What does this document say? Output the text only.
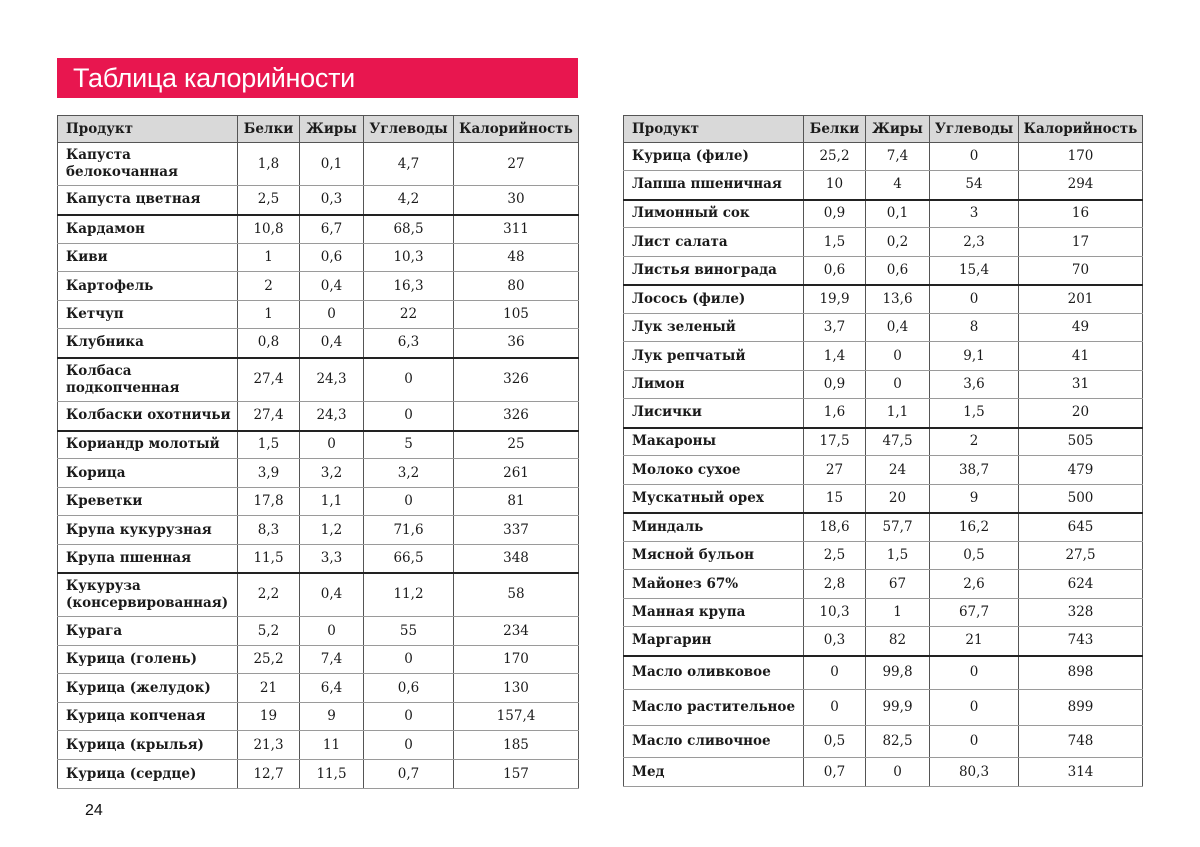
Таблица калорийности
Продукт	Белки	Жиры	Углеводы	Калорийность
Капуста белокочанная	1,8	0,1	4,7	27
Капуста цветная	2,5	0,3	4,2	30
Кардамон	10,8	6,7	68,5	311
Киви	1	0,6	10,3	48
Картофель	2	0,4	16,3	80
Кетчуп	1	0	22	105
Клубника	0,8	0,4	6,3	36
Колбаса подкопченная	27,4	24,3	0	326
Колбаски охотничьи	27,4	24,3	0	326
Кориандр молотый	1,5	0	5	25
Корица	3,9	3,2	3,2	261
Креветки	17,8	1,1	0	81
Крупа кукурузная	8,3	1,2	71,6	337
Крупа пшенная	11,5	3,3	66,5	348
Кукуруза (консервированная)	2,2	0,4	11,2	58
Курага	5,2	0	55	234
Курица (голень)	25,2	7,4	0	170
Курица (желудок)	21	6,4	0,6	130
Курица копченая	19	9	0	157,4
Курица (крылья)	21,3	11	0	185
Курица (сердце)	12,7	11,5	0,7	157
Продукт	Белки	Жиры	Углеводы	Калорийность
Курица (филе)	25,2	7,4	0	170
Лапша пшеничная	10	4	54	294
Лимонный сок	0,9	0,1	3	16
Лист салата	1,5	0,2	2,3	17
Листья винограда	0,6	0,6	15,4	70
Лосось (филе)	19,9	13,6	0	201
Лук зеленый	3,7	0,4	8	49
Лук репчатый	1,4	0	9,1	41
Лимон	0,9	0	3,6	31
Лисички	1,6	1,1	1,5	20
Макароны	17,5	47,5	2	505
Молоко сухое	27	24	38,7	479
Мускатный орех	15	20	9	500
Миндаль	18,6	57,7	16,2	645
Мясной бульон	2,5	1,5	0,5	27,5
Майонез 67%	2,8	67	2,6	624
Манная крупа	10,3	1	67,7	328
Маргарин	0,3	82	21	743
Масло оливковое	0	99,8	0	898
Масло растительное	0	99,9	0	899
Масло сливочное	0,5	82,5	0	748
Мед	0,7	0	80,3	314
24
